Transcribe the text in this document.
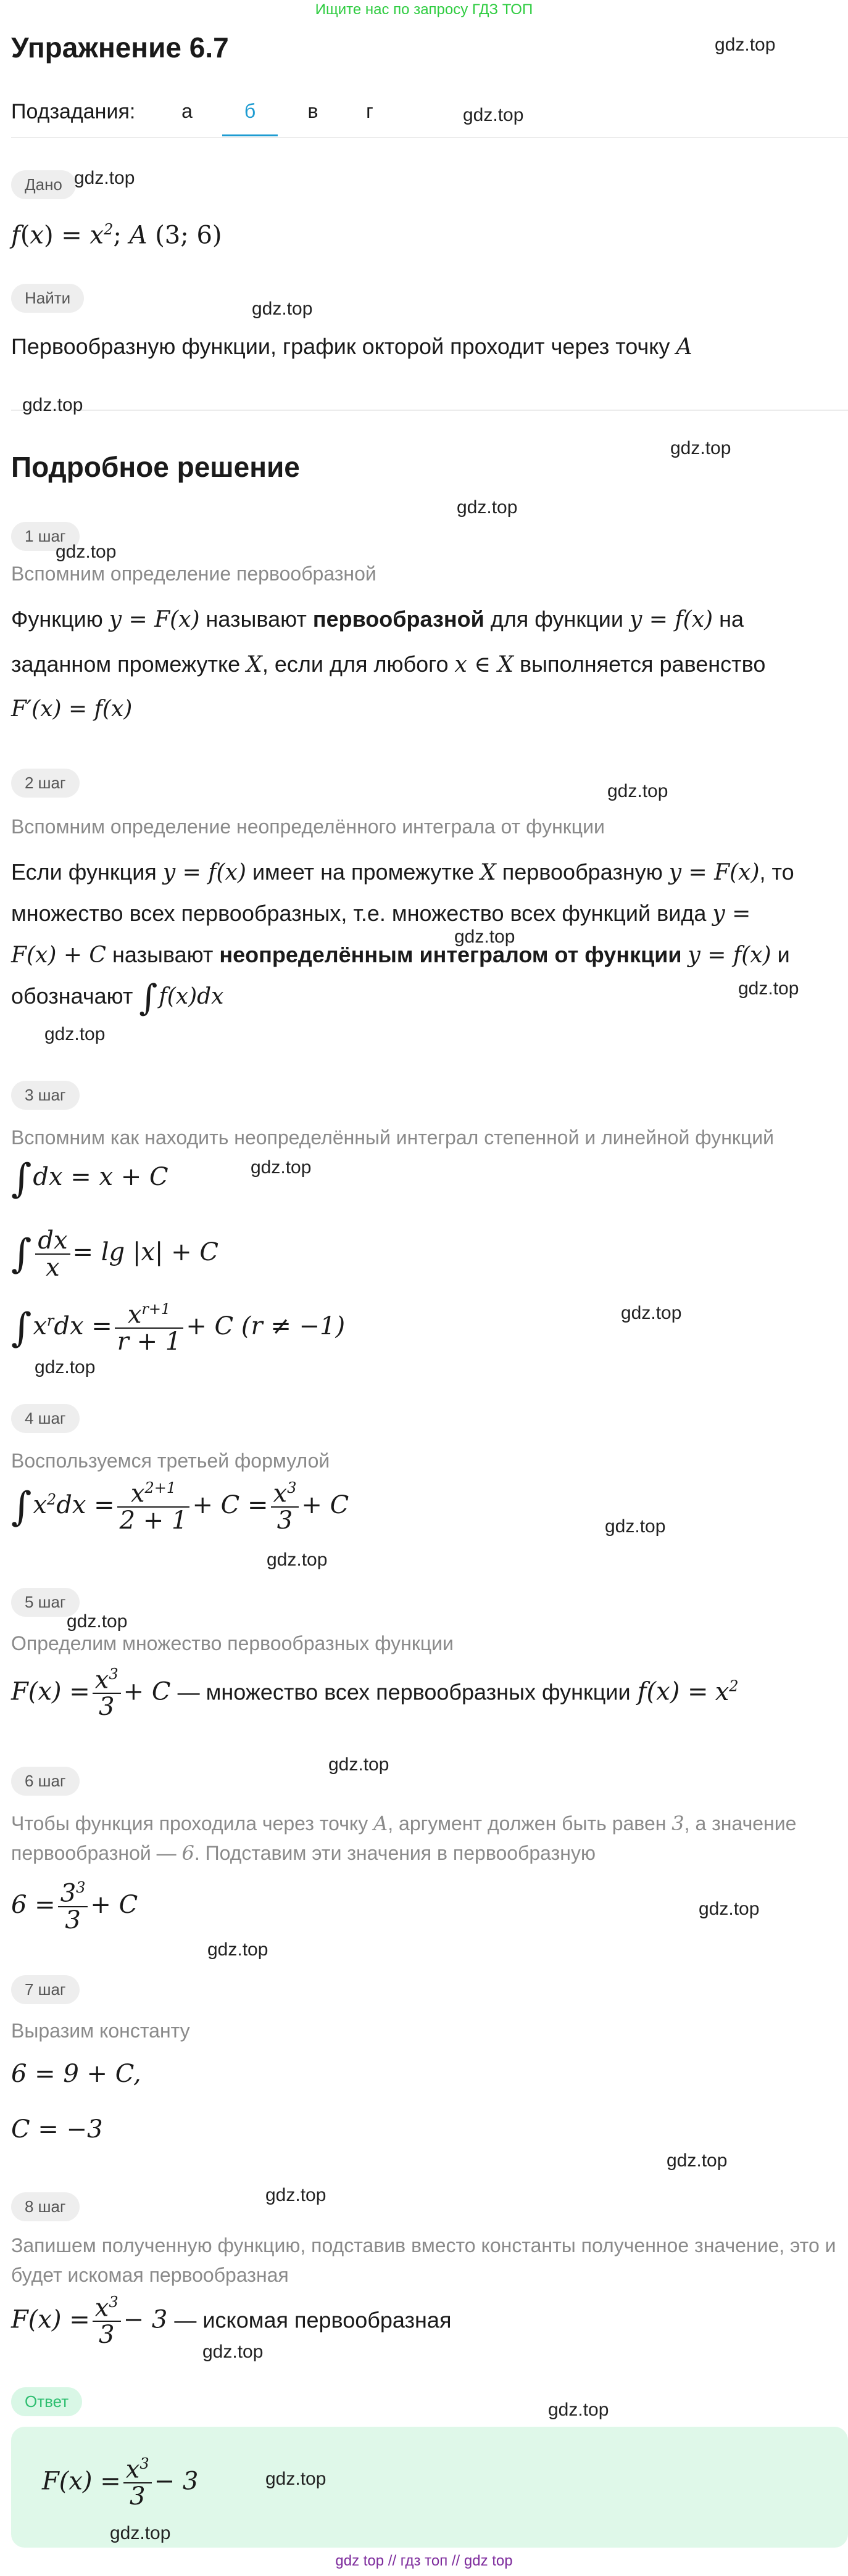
Ищите нас по запросу ГДЗ ТОП
Упражнение 6.7
Подзадания:	а	б	в	г
Дано
$f(x) = x^2$; A (3; 6)
Найти
Первообразную функции, график окторой проходит через точку A
Подробное решение
1 шаг
Вспомним определение первообразной
Функцию y = F(x) называют первообразной для функции y = f(x) на
заданном промежутке X, если для любого x ∈ X выполняется равенство
F′(x) = f(x)
2 шаг
Вспомним определение неопределённого интеграла от функции
Если функция y = f(x) имеет на промежутке X первообразную y = F(x), то
множество всех первообразных, т.е. множество всех функций вида y =
F(x) + C называют неопределённым интегралом от функции y = f(x) и
обозначают ∫f(x)dx
3 шаг
Вспомним как находить неопределённый интеграл степенной и линейной функций
∫dx = x + C
∫ $\frac{dx}{x} = \lg |x| + C$
$\int x^rdx = \frac{x^{r+1}}{r + 1} + C$ (r ≠ −1)
4 шаг
Воспользуемся третьей формулой
$\int x^2dx = \frac{x^{2+1}}{2 + 1} + C = \frac{x^3}{3} + C$
5 шаг
Определим множество первообразных функции
$F(x) = \frac{x^3}{3} + C$ — множество всех первообразных функции $f(x) = x^2$
6 шаг
Чтобы функция проходила через точку A, аргумент должен быть равен 3, а значение
первообразной — 6. Подставим эти значения в первообразную
$6 = \frac{3^3}{3} + C$
7 шаг
Выразим константу
6 = 9 + C,
C = −3
8 шаг
Запишем полученную функцию, подставив вместо константы полученное значение, это и будет искомая первообразная
$F(x) = \frac{x^3}{3} - 3$ — искомая первообразная
Ответ
$F(x) = \frac{x^3}{3} - 3$
gdz top // гдз топ // gdz top
gdz.top
gdz.top
gdz.top
gdz.top
gdz.top
gdz.top
gdz.top
gdz.top
gdz.top
gdz.top
gdz.top
gdz.top
gdz.top
gdz.top
gdz.top
gdz.top
gdz.top
gdz.top
gdz.top
gdz.top
gdz.top
gdz.top
gdz.top
gdz.top
gdz.top
gdz.top
gdz.top
